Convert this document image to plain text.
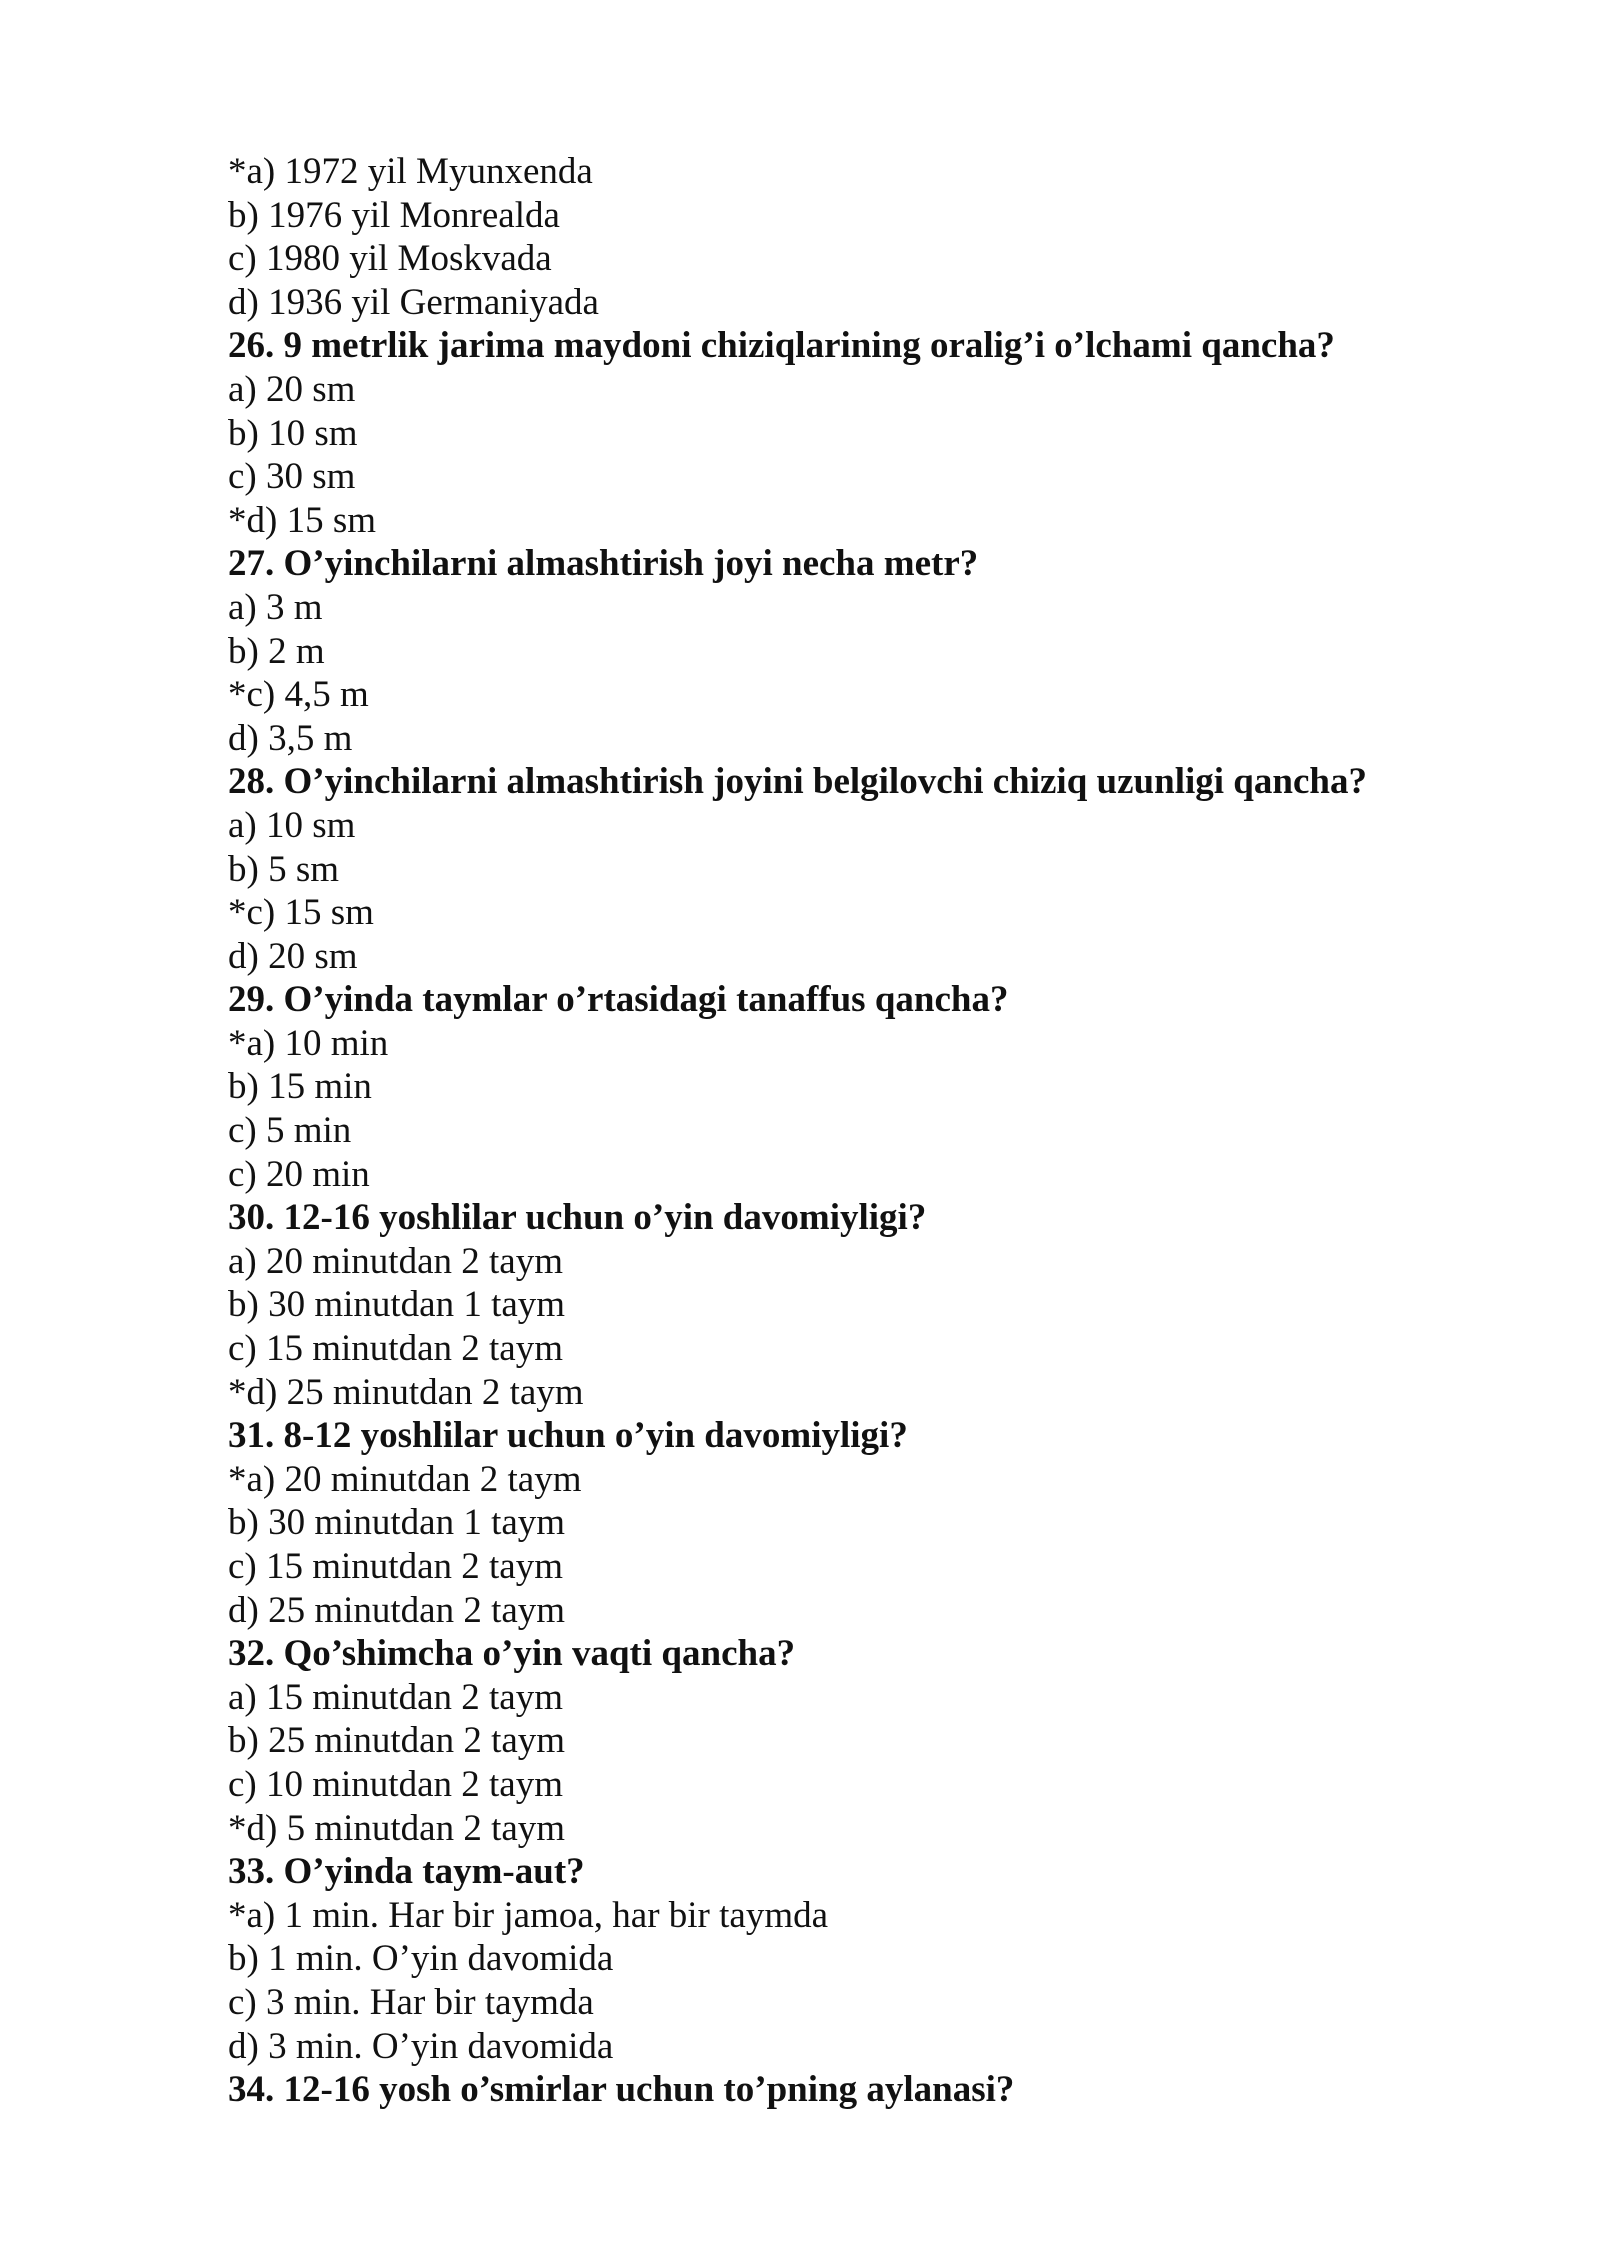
*a) 1972 yil Myunxenda
b) 1976 yil Monrealda
c) 1980 yil Moskvada
d) 1936 yil Germaniyada
26. 9 metrlik jarima maydoni chiziqlarining oralig’i o’lchami qancha?
a) 20 sm
b) 10 sm
c) 30 sm
*d) 15 sm
27. O’yinchilarni almashtirish joyi necha metr?
a) 3 m
b) 2 m
*c) 4,5 m
d) 3,5 m
28. O’yinchilarni almashtirish joyini belgilovchi chiziq uzunligi qancha?
a) 10 sm
b) 5 sm
*c) 15 sm
d) 20 sm
29. O’yinda taymlar o’rtasidagi tanaffus qancha?
*a) 10 min
b) 15 min
c) 5 min
c) 20 min
30. 12-16 yoshlilar uchun o’yin davomiyligi?
a) 20 minutdan 2 taym
b) 30 minutdan 1 taym
c) 15 minutdan 2 taym
*d) 25 minutdan 2 taym
31. 8-12 yoshlilar uchun o’yin davomiyligi?
*a) 20 minutdan 2 taym
b) 30 minutdan 1 taym
c) 15 minutdan 2 taym
d) 25 minutdan 2 taym
32. Qo’shimcha o’yin vaqti qancha?
a) 15 minutdan 2 taym
b) 25 minutdan 2 taym
c) 10 minutdan 2 taym
*d) 5 minutdan 2 taym
33. O’yinda taym-aut?
*a) 1 min. Har bir jamoa, har bir taymda
b) 1 min. O’yin davomida
c) 3 min. Har bir taymda
d) 3 min. O’yin davomida
34. 12-16 yosh o’smirlar uchun to’pning aylanasi?
